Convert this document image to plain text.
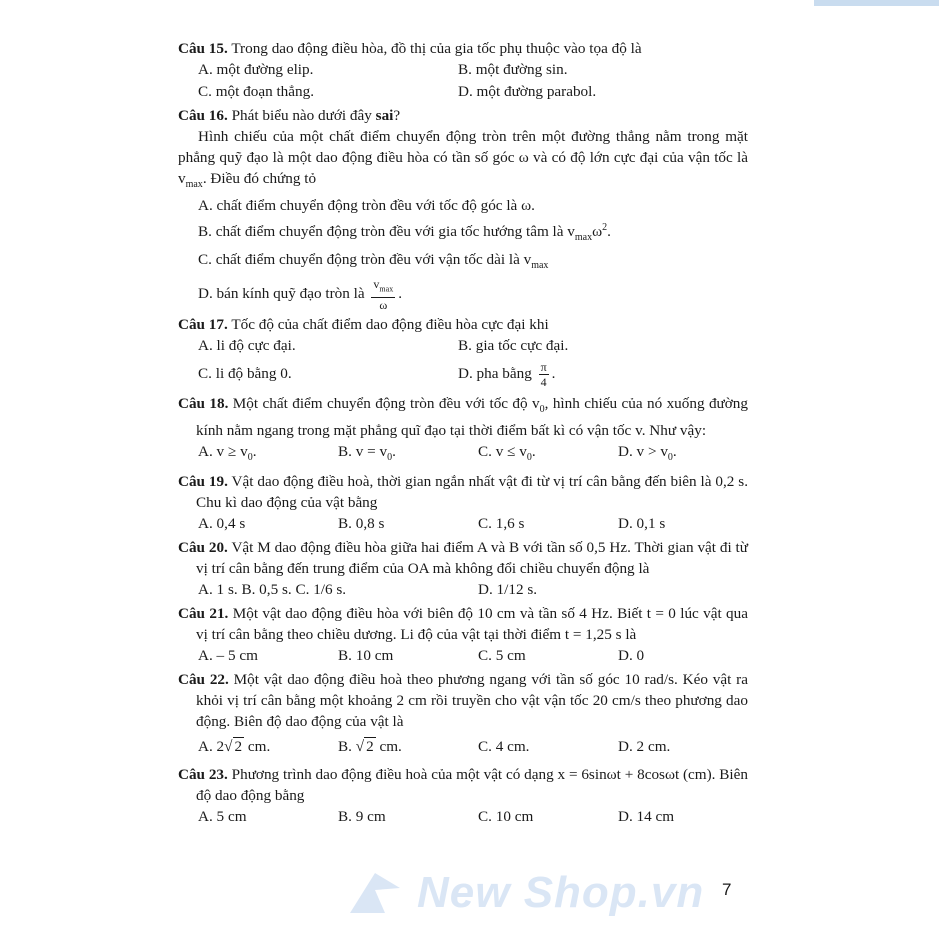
Câu 15. Trong dao động điều hòa, đồ thị của gia tốc phụ thuộc vào tọa độ là
A. một đường elip.	B. một đường sin.
C. một đoạn thẳng.	D. một đường parabol.
Câu 16. Phát biểu nào dưới đây sai?

Hình chiếu của một chất điểm chuyển động tròn trên một đường thẳng nằm trong mặt phẳng quỹ đạo là một dao động điều hòa có tần số góc ω và có độ lớn cực đại của vận tốc là $v_{max}$. Điều đó chứng tỏ

A. chất điểm chuyển động tròn đều với tốc độ góc là ω.
B. chất điểm chuyển động tròn đều với gia tốc hướng tâm là $v_{max}\omega^2$.
C. chất điểm chuyển động tròn đều với vận tốc dài là $v_{max}$
D. bán kính quỹ đạo tròn là $\frac{v_{max}}{\omega}$ .
Câu 17. Tốc độ của chất điểm dao động điều hòa cực đại khi
A. li độ cực đại.	B. gia tốc cực đại.
C. li độ bằng 0.	D. pha bằng $\frac{\pi}{4}$ .

Câu 18. Một chất điểm chuyển động tròn đều với tốc độ $v_0$, hình chiếu của nó xuống đường kính nằm ngang trong mặt phẳng quĩ đạo tại thời điểm bất kì có vận tốc v. Như vậy:

A. $v \ge v_0$.	B. $v = v_0$.	C. $v \le v_0$.	D. $v > v_0$.

Câu 19. Vật dao động điều hoà, thời gian ngắn nhất vật đi từ vị trí cân bằng đến biên là 0,2 s. Chu kì dao động của vật bằng

A. 0,4 s	B. 0,8 s	C. 1,6 s	D. 0,1 s

Câu 20. Vật M dao động điều hòa giữa hai điểm A và B với tần số 0,5 Hz. Thời gian vật đi từ vị trí cân bằng đến trung điểm của OA mà không đổi chiều chuyển động là

A. 1 s. B. 0,5 s. C. 1/6 s.	D. 1/12 s.

Câu 21. Một vật dao động điều hòa với biên độ 10 cm và tần số 4 Hz. Biết t = 0 lúc vật qua vị trí cân bằng theo chiều dương. Li độ của vật tại thời điểm t = 1,25 s là

A. – 5 cm	B. 10 cm	C. 5 cm	D. 0

Câu 22. Một vật dao động điều hoà theo phương ngang với tần số góc 10 rad/s. Kéo vật ra khỏi vị trí cân bằng một khoảng 2 cm rồi truyền cho vật vận tốc 20 cm/s theo phương dao động. Biên độ dao động của vật là

A. 2√ 2 cm.	B. √ 2 cm.	C. 4 cm.	D. 2 cm.

Câu 23. Phương trình dao động điều hoà của một vật có dạng x = 6sinωt + 8cosωt (cm). Biên độ dao động bằng

A. 5 cm	B. 9 cm	C. 10 cm	D. 14 cm
New Shop.vn 7
